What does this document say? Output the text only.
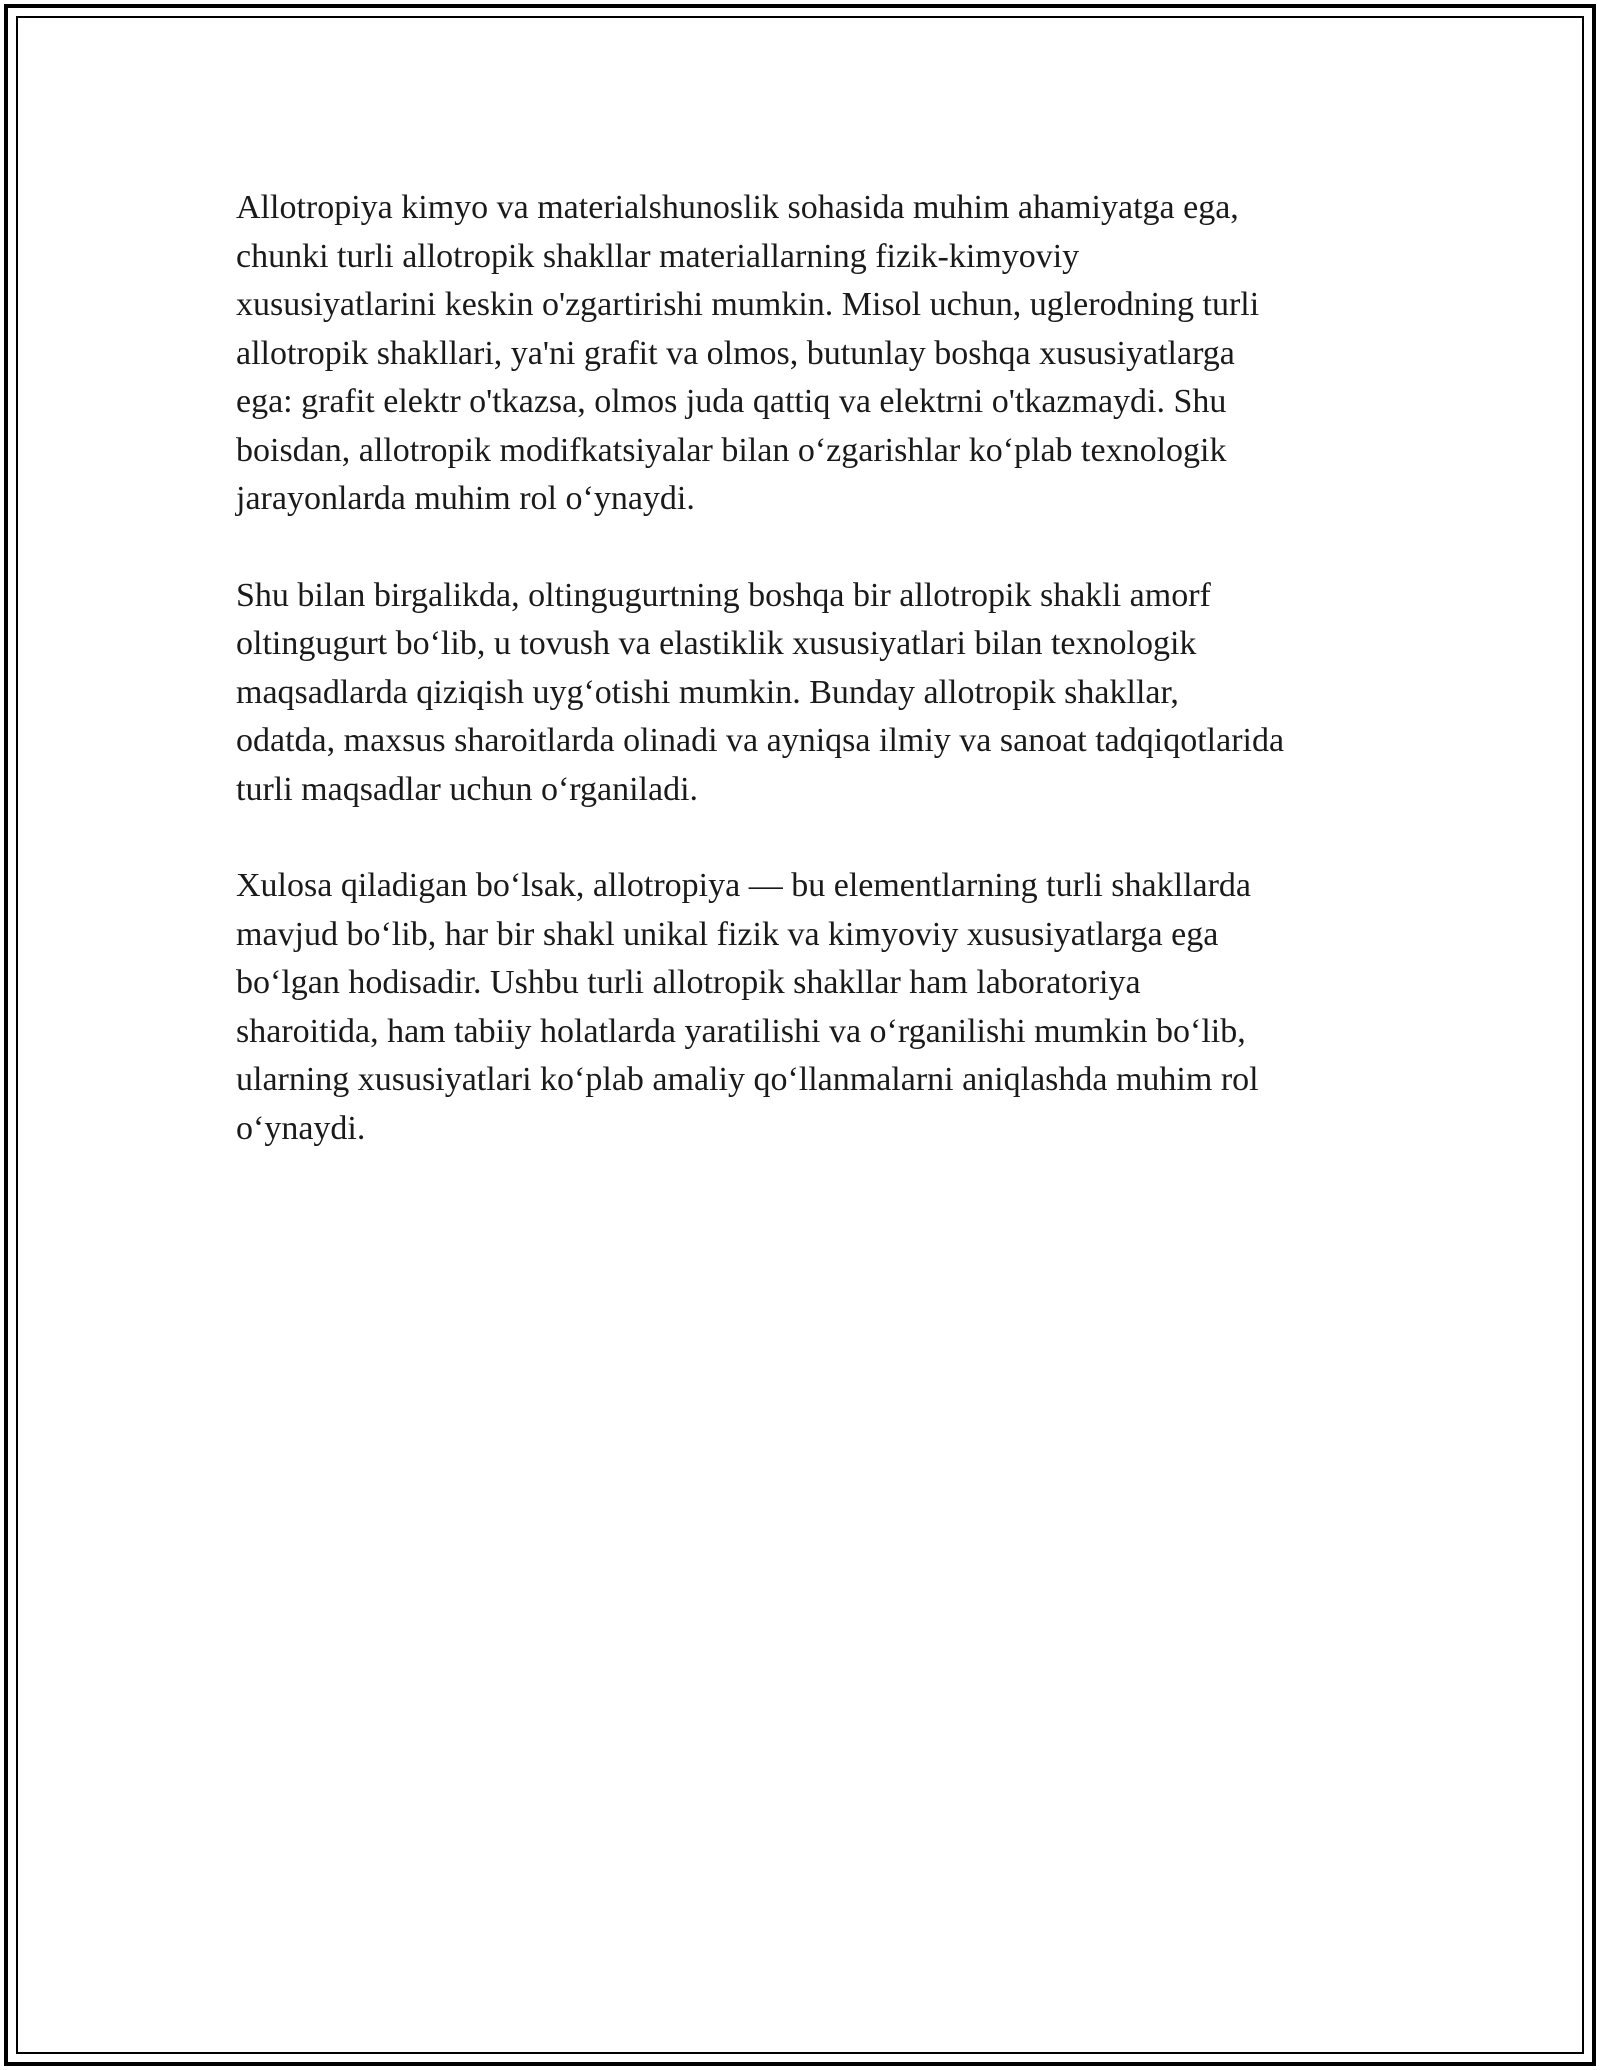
Allotropiya kimyo va materialshunoslik sohasida muhim ahamiyatga ega,
chunki turli allotropik shakllar materiallarning fizik-kimyoviy
xususiyatlarini keskin o'zgartirishi mumkin. Misol uchun, uglerodning turli
allotropik shakllari, ya'ni grafit va olmos, butunlay boshqa xususiyatlarga
ega: grafit elektr o'tkazsa, olmos juda qattiq va elektrni o'tkazmaydi. Shu
boisdan, allotropik modifkatsiyalar bilan o‘zgarishlar ko‘plab texnologik
jarayonlarda muhim rol o‘ynaydi.

Shu bilan birgalikda, oltingugurtning boshqa bir allotropik shakli amorf
oltingugurt bo‘lib, u tovush va elastiklik xususiyatlari bilan texnologik
maqsadlarda qiziqish uyg‘otishi mumkin. Bunday allotropik shakllar,
odatda, maxsus sharoitlarda olinadi va ayniqsa ilmiy va sanoat tadqiqotlarida
turli maqsadlar uchun o‘rganiladi.

Xulosa qiladigan bo‘lsak, allotropiya — bu elementlarning turli shakllarda
mavjud bo‘lib, har bir shakl unikal fizik va kimyoviy xususiyatlarga ega
bo‘lgan hodisadir. Ushbu turli allotropik shakllar ham laboratoriya
sharoitida, ham tabiiy holatlarda yaratilishi va o‘rganilishi mumkin bo‘lib,
ularning xususiyatlari ko‘plab amaliy qo‘llanmalarni aniqlashda muhim rol
o‘ynaydi.
